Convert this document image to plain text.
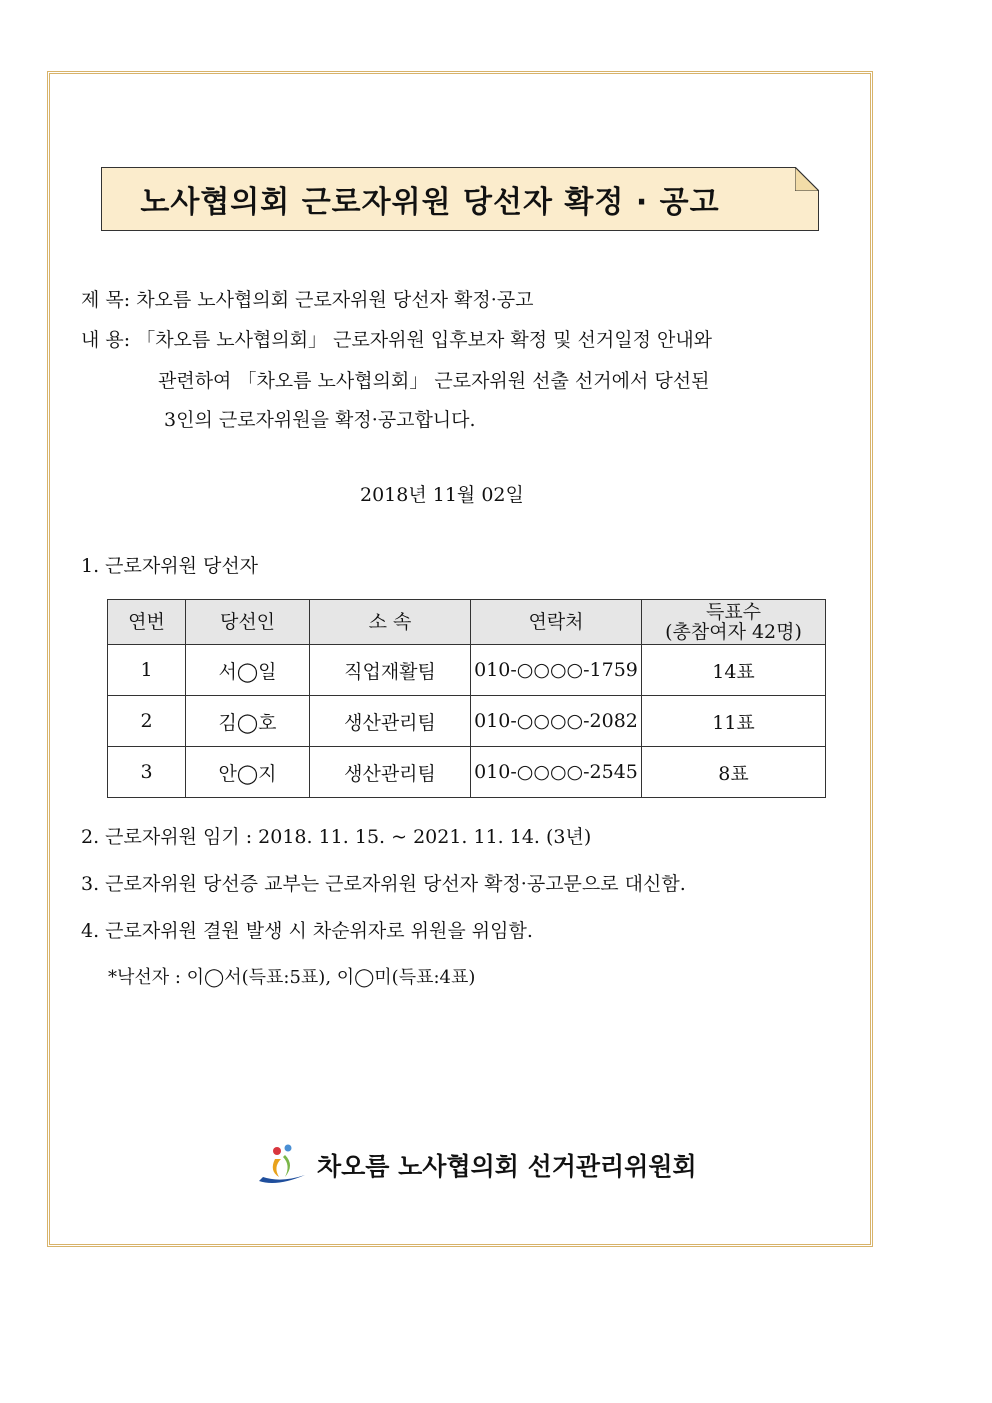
노사협의회 근로자위원 당선자 확정 · 공고
제 목: 차오름 노사협의회 근로자위원 당선자 확정·공고
내 용: 「차오름 노사협의회」 근로자위원 입후보자 확정 및 선거일정 안내와
관련하여 「차오름 노사협의회」 근로자위원 선출 선거에서 당선된
3인의 근로자위원을 확정·공고합니다.
2018년 11월 02일
1. 근로자위원 당선자
연번	당선인	소 속	연락처	득표수
(총참여자 42명)

1	서◯일	직업재활팀	010-○○○○-1759	14표
2	김◯호	생산관리팀	010-○○○○-2082	11표
3	안◯지	생산관리팀	010-○○○○-2545	8표
2. 근로자위원 임기 : 2018. 11. 15. ~ 2021. 11. 14. (3년)
3. 근로자위원 당선증 교부는 근로자위원 당선자 확정·공고문으로 대신함.
4. 근로자위원 결원 발생 시 차순위자로 위원을 위임함.
*낙선자 : 이◯서(득표:5표), 이◯미(득표:4표)
차오름 노사협의회 선거관리위원회
